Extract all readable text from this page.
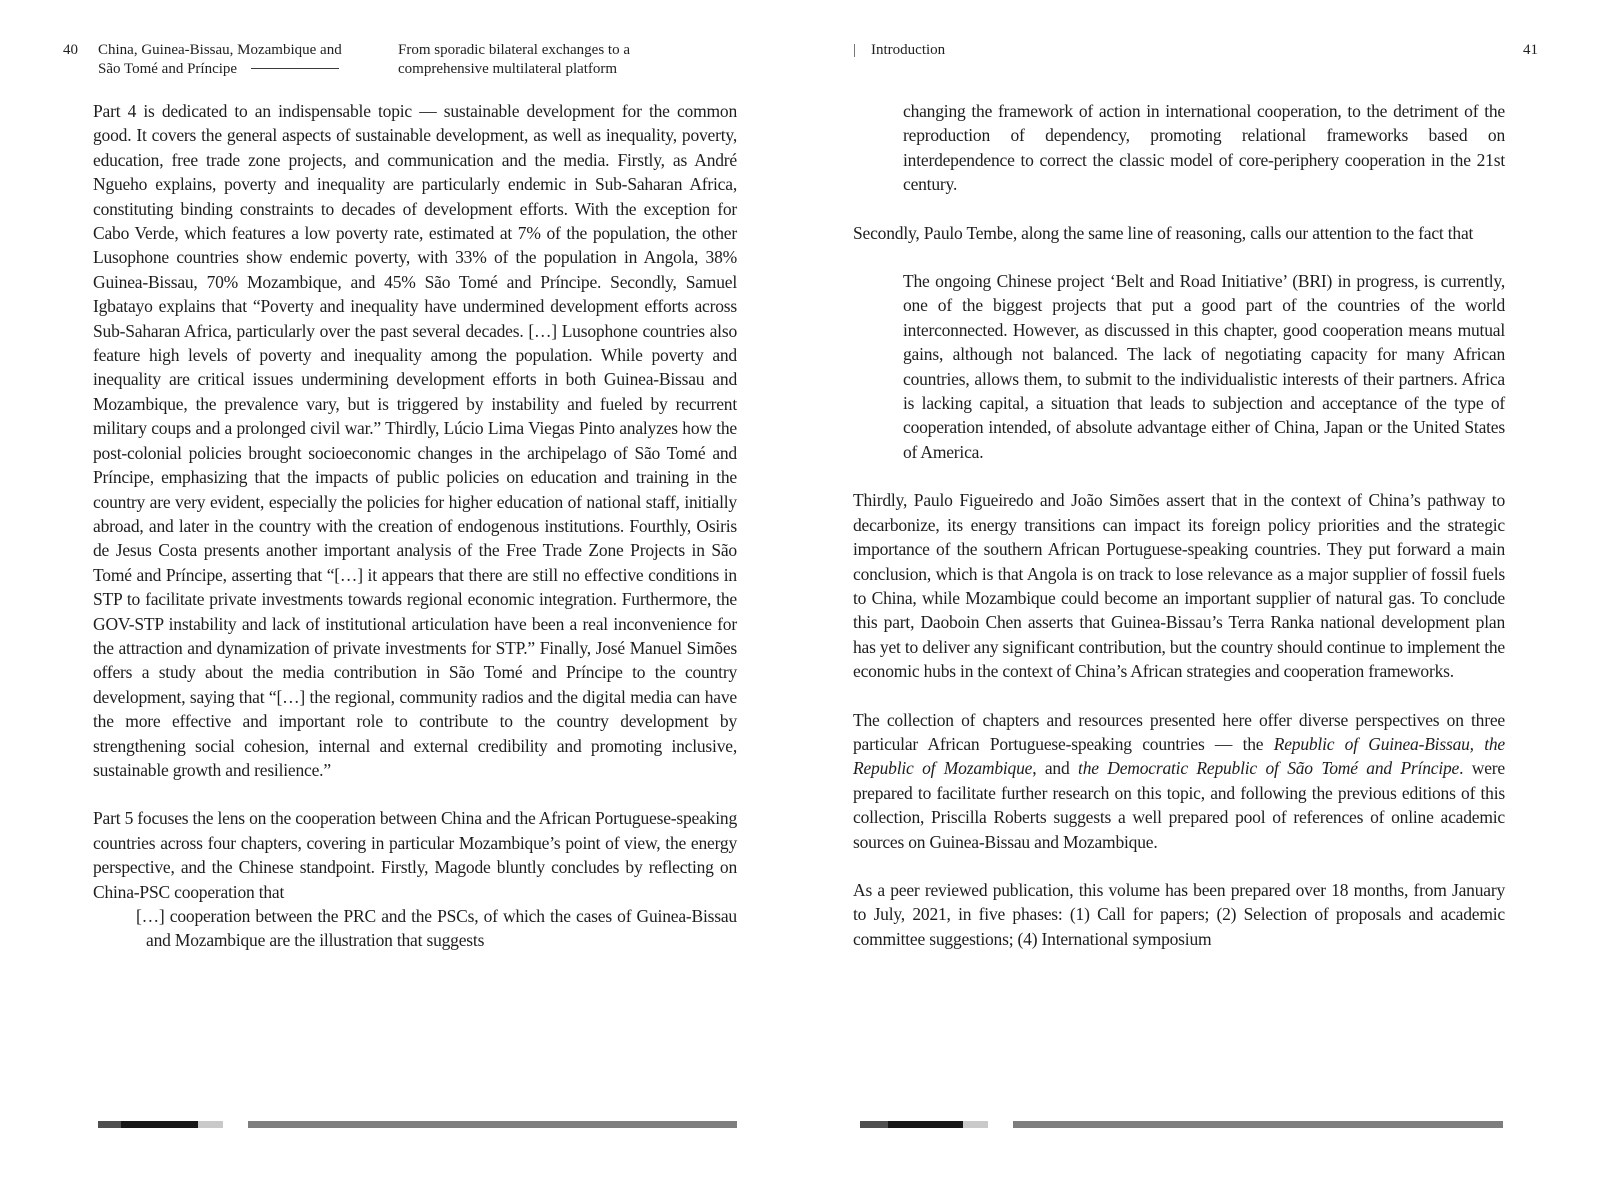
40 China, Guinea-Bissau, Mozambique and
São Tomé and Príncipe
From sporadic bilateral exchanges to a
comprehensive multilateral platform

Part 4 is dedicated to an indispensable topic — sustainable development for the common good. It covers the general aspects of sustainable development, as well as inequality, poverty, education, free trade zone projects, and communication and the media. Firstly, as André Ngueho explains, poverty and inequality are particularly endemic in Sub-Saharan Africa, constituting binding constraints to decades of development efforts. With the exception for Cabo Verde, which features a low poverty rate, estimated at 7% of the population, the other Lusophone countries show endemic poverty, with 33% of the population in Angola, 38% Guinea-Bissau, 70% Mozambique, and 45% São Tomé and Príncipe. Secondly, Samuel Igbatayo explains that “Poverty and inequality have undermined development efforts across Sub-Saharan Africa, particularly over the past several decades. […] Lusophone countries also feature high levels of poverty and inequality among the population. While poverty and inequality are critical issues undermining development efforts in both Guinea-Bissau and Mozambique, the prevalence vary, but is triggered by instability and fueled by recurrent military coups and a prolonged civil war.” Thirdly, Lúcio Lima Viegas Pinto analyzes how the post-colonial policies brought socioeconomic changes in the archipelago of São Tomé and Príncipe, emphasizing that the impacts of public policies on education and training in the country are very evident, especially the policies for higher education of national staff, initially abroad, and later in the country with the creation of endogenous institutions. Fourthly, Osiris de Jesus Costa presents another important analysis of the Free Trade Zone Projects in São Tomé and Príncipe, asserting that “[…] it appears that there are still no effective conditions in STP to facilitate private investments towards regional economic integration. Furthermore, the GOV-STP instability and lack of institutional articulation have been a real inconvenience for the attraction and dynamization of private investments for STP.” Finally, José Manuel Simões offers a study about the media contribution in São Tomé and Príncipe to the country development, saying that “[…] the regional, community radios and the digital media can have the more effective and important role to contribute to the country development by strengthening social cohesion, internal and external credibility and promoting inclusive, sustainable growth and resilience.”

Part 5 focuses the lens on the cooperation between China and the African Portuguese-speaking countries across four chapters, covering in particular Mozambique’s point of view, the energy perspective, and the Chinese standpoint. Firstly, Magode bluntly concludes by reflecting on China-PSC cooperation that

[…] cooperation between the PRC and the PSCs, of which the cases of Guinea-Bissau and Mozambique are the illustration that suggests

| Introduction	41

changing the framework of action in international cooperation, to the detriment of the reproduction of dependency, promoting relational frameworks based on interdependence to correct the classic model of core-periphery cooperation in the 21st century.

Secondly, Paulo Tembe, along the same line of reasoning, calls our attention to the fact that

The ongoing Chinese project ‘Belt and Road Initiative’ (BRI) in progress, is currently, one of the biggest projects that put a good part of the countries of the world interconnected. However, as discussed in this chapter, good cooperation means mutual gains, although not balanced. The lack of negotiating capacity for many African countries, allows them, to submit to the individualistic interests of their partners. Africa is lacking capital, a situation that leads to subjection and acceptance of the type of cooperation intended, of absolute advantage either of China, Japan or the United States of America.

Thirdly, Paulo Figueiredo and João Simões assert that in the context of China’s pathway to decarbonize, its energy transitions can impact its foreign policy priorities and the strategic importance of the southern African Portuguese-speaking countries. They put forward a main conclusion, which is that Angola is on track to lose relevance as a major supplier of fossil fuels to China, while Mozambique could become an important supplier of natural gas. To conclude this part, Daoboin Chen asserts that Guinea-Bissau’s Terra Ranka national development plan has yet to deliver any significant contribution, but the country should continue to implement the economic hubs in the context of China’s African strategies and cooperation frameworks.

The collection of chapters and resources presented here offer diverse perspectives on three particular African Portuguese-speaking countries — the Republic of Guinea-Bissau, the Republic of Mozambique, and the Democratic Republic of São Tomé and Príncipe. were prepared to facilitate further research on this topic, and following the previous editions of this collection, Priscilla Roberts suggests a well prepared pool of references of online academic sources on Guinea-Bissau and Mozambique.

As a peer reviewed publication, this volume has been prepared over 18 months, from January to July, 2021, in five phases: (1) Call for papers; (2) Selection of proposals and academic committee suggestions; (4) International symposium
